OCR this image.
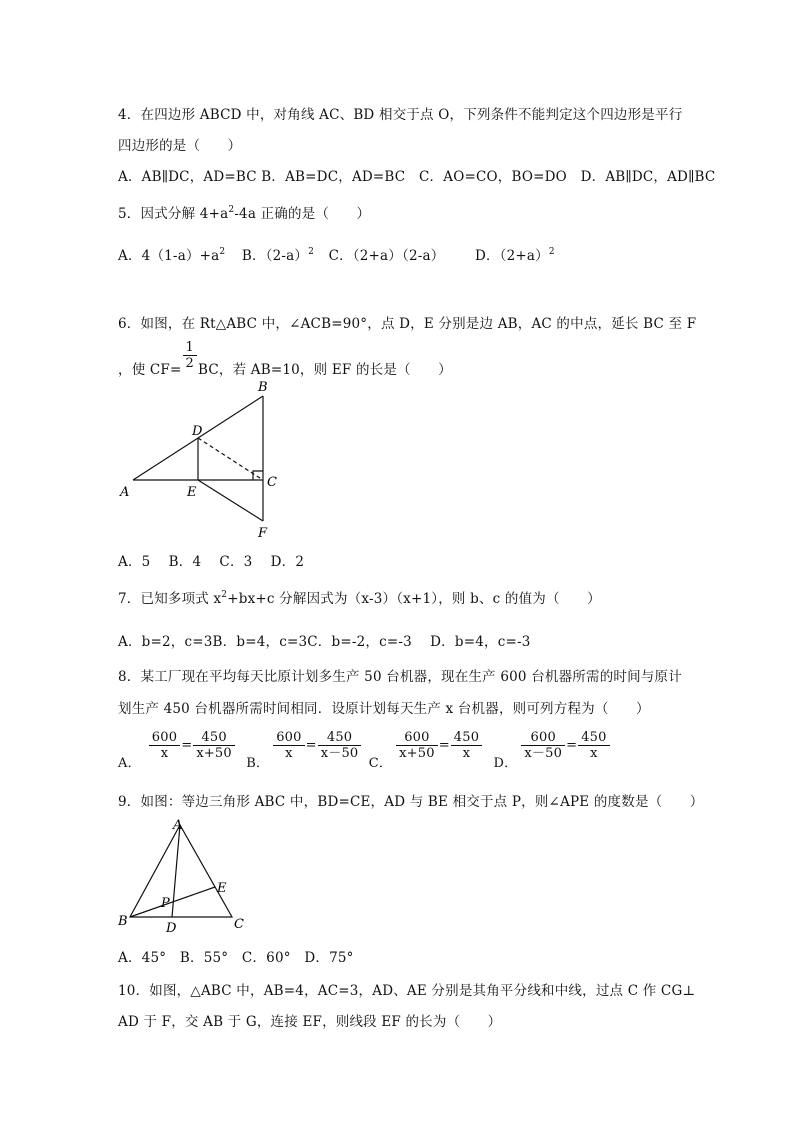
4．在四边形 ABCD 中，对角线 AC、BD 相交于点 O，下列条件不能判定这个四边形是平行
四边形的是（　　）
A．AB∥DC，AD=BC B．AB=DC，AD=BC　C．AO=CO，BO=DO　D．AB∥DC，AD∥BC
5．因式分解 $4+a^2-4a$ 正确的是（　　）
A．$4(1-a)+a^2$ B．$(2-a)^2$ C．（2+a）（2-a） D．$(2+a)^2$
6．如图，在 Rt△ABC 中，∠ACB=90°，点 D，E 分别是边 AB，AC 的中点，延长 BC 至 F
，使 $CF= \frac{1}{2}$ BC，若 AB=10，则 EF 的长是（　　）
A
B
C
D
E
F
A．5　 B．4　 C．3　 D．2
7．已知多项式 $x^2+bx+c$ 分解因式为（x-3）（x+1），则 b、c 的值为（　　）
A．b=2，c=3B．b=4，c=3C．b=-2，c=-3　 D．b=4，c=-3
8．某工厂现在平均每天比原计划多生产 50 台机器，现在生产 600 台机器所需的时间与原计
划生产 450 台机器所需时间相同．设原计划每天生产 x 台机器，则可列方程为（　　）
A．
$\frac{600}{x} = \frac{450}{x+50}$
B．
$\frac{600}{x} = \frac{450}{x-50}$
C．
$\frac{600}{x+50} = \frac{450}{x}$
D．
$\frac{600}{x-50} = \frac{450}{x}$
9．如图：等边三角形 ABC 中，BD=CE，AD 与 BE 相交于点 P，则∠APE 的度数是（　　）
A
B	C
D
E
P
A．45°　B．55°　C．60°　D．75°
10．如图，△ABC 中，AB=4，AC=3，AD、AE 分别是其角平分线和中线，过点 C 作 CG⊥
AD 于 F，交 AB 于 G，连接 EF，则线段 EF 的长为（　　）
